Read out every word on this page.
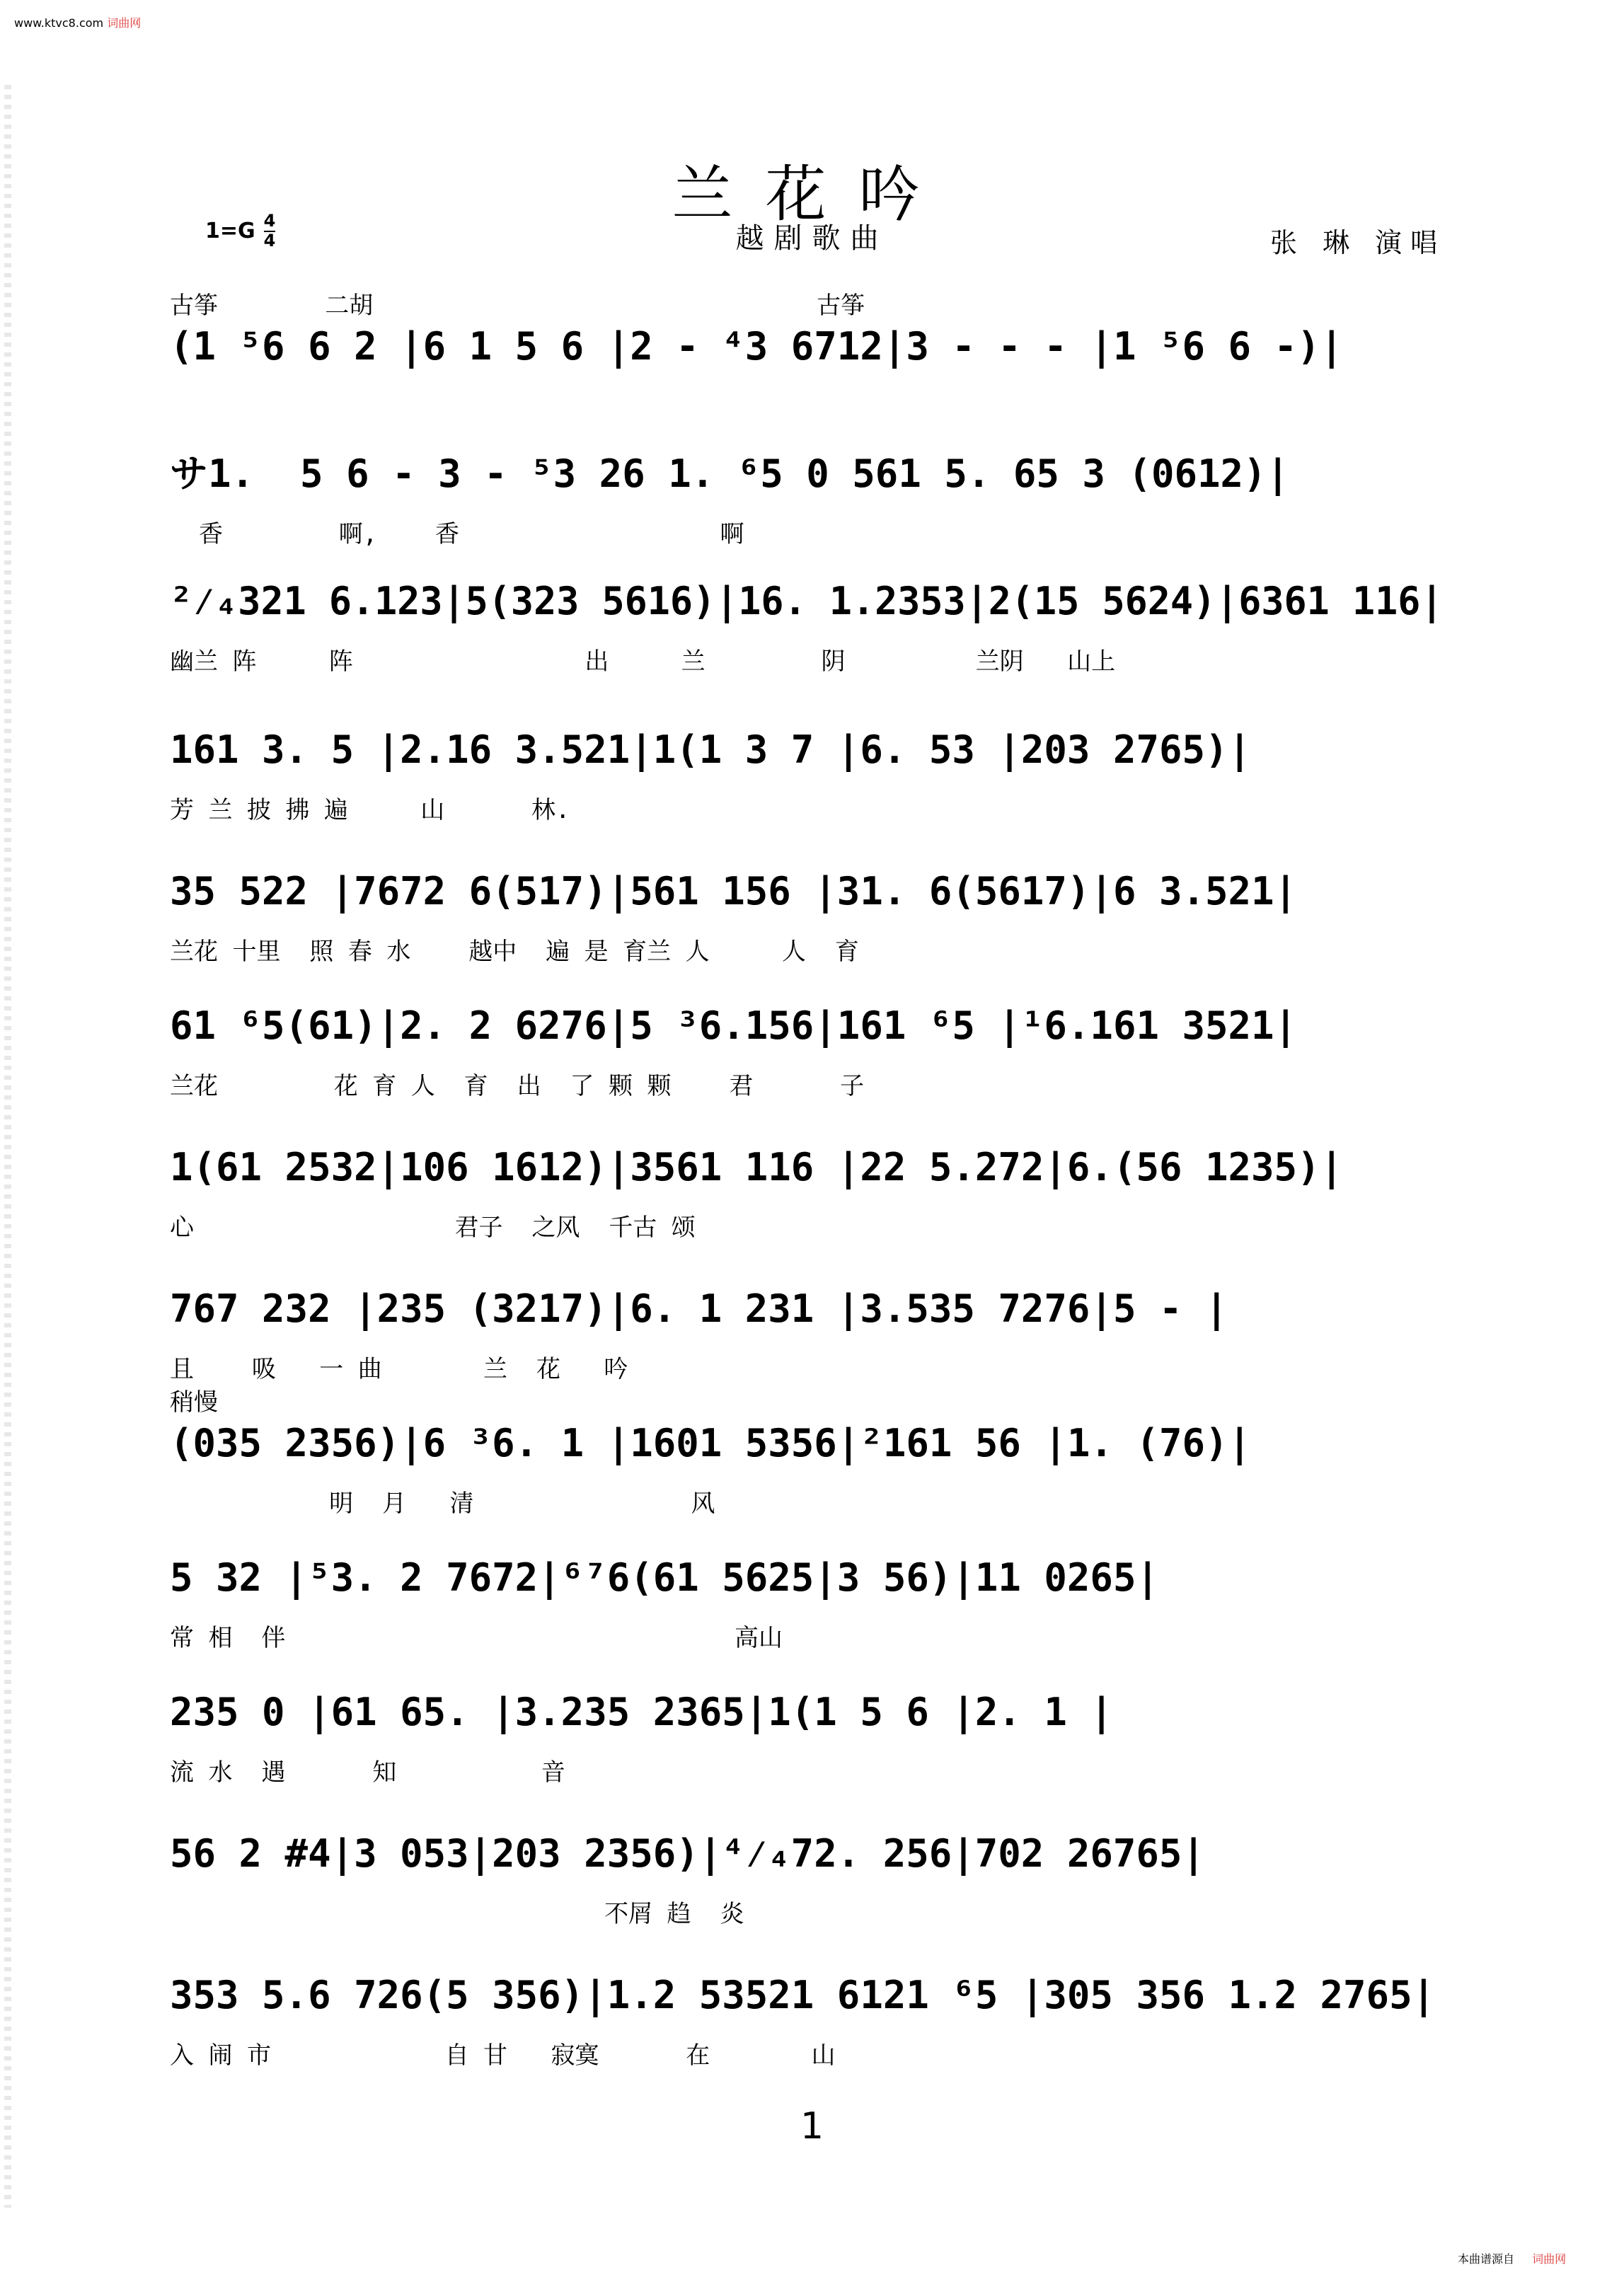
www.ktvc8.com 词曲网
兰花吟
越剧歌曲
$1=G \frac{4}{4}$	张 琳 演唱
古筝              二胡                                                          古筝
(1 ⁵6 6 2 |6 1 5 6 |2 - ⁴3 6712|3 - - - |1 ⁵6 6 -)|
サ1.  5 6 - 3 - ⁵3 26 1. ⁶5 0 561 5. 65 3 (0612)|
香        啊,    香                  啊
²⁄₄321 6.123|5(323 5616)|16. 1.2353|2(15 5624)|6361 116|
幽兰 阵     阵                出     兰        阴         兰阴   山上
161 3. 5 |2.16 3.521|1(1 3 7 |6. 53 |203 2765)|
芳 兰 披 拂 遍     山      林.
35 522 |7672 6(517)|561 156 |31. 6(5617)|6 3.521|
兰花 十里  照 春 水    越中  遍 是 育兰 人     人  育
61 ⁶5(61)|2. 2 6276|5 ³6.156|161 ⁶5 |¹6.161 3521|
兰花        花 育 人  育  出  了 颗 颗    君      子
1(61 2532|106 1612)|3561 116 |22 5.272|6.(56 1235)|
心                  君子  之风  千古 颂
767 232 |235 (3217)|6. 1 231 |3.535 7276|5 - |
且    吸   一 曲       兰  花   吟
稍慢
(035 2356)|6 ³6. 1 |1601 5356|²161 56 |1. (76)|
明  月   清               风
5 32 |⁵3. 2 7672|⁶⁷6(61 5625|3 56)|11 0265|
常 相  伴                               高山
235 0 |61 65. |3.235 2365|1(1 5 6 |2. 1 |
流 水  遇      知          音
56 2 #4|3 053|203 2356)|⁴⁄₄72. 256|702 26765|
不屑 趋  炎
353 5.6 726(5 356)|1.2 53521 6121 ⁶5 |305 356 1.2 2765|
入 闹 市            自 甘   寂寞      在       山
1
本曲谱源自 词曲网
